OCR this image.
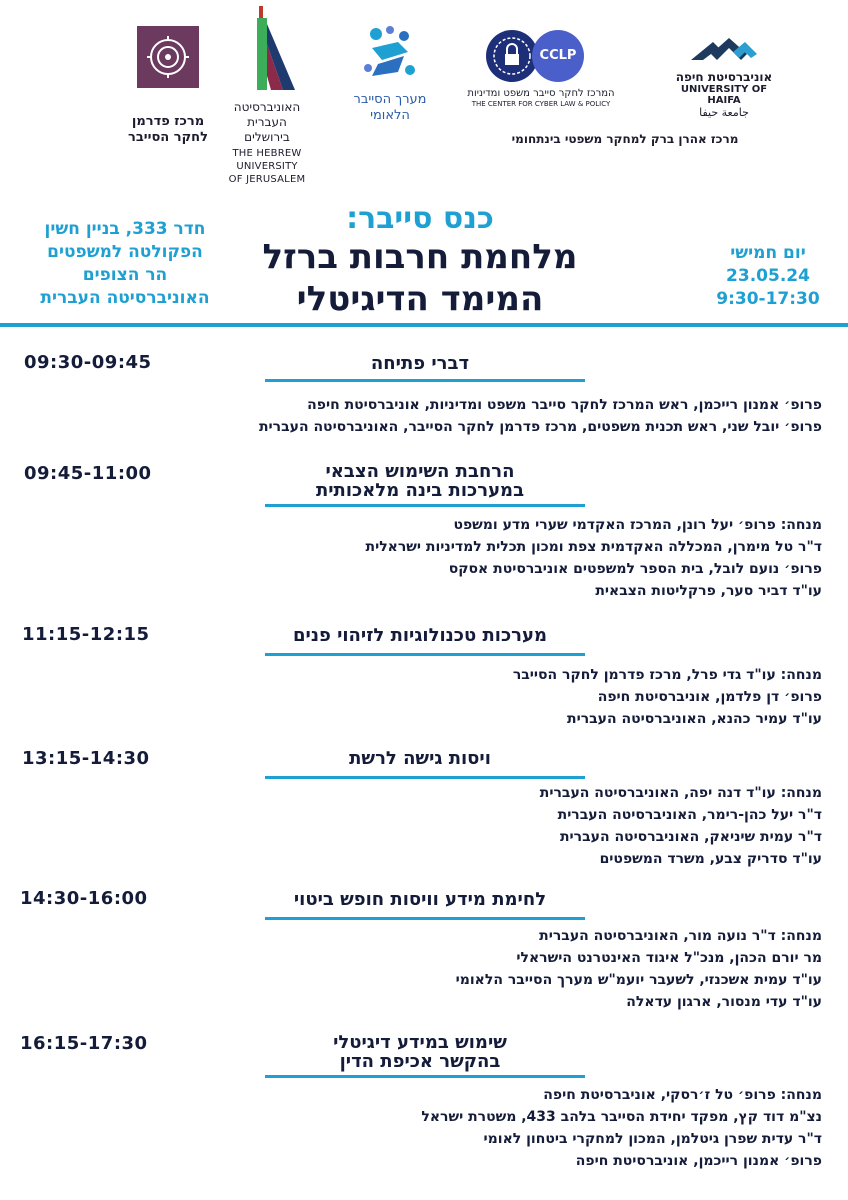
מרכז פדרמן
לחקר הסייבר
האוניברסיטה
העברית
בירושלים
THE HEBREW
UNIVERSITY
OF JERUSALEM
מערך הסייבר
הלאומי
CCLP
המרכז לחקר סייבר משפט ומדיניות
THE CENTER FOR CYBER LAW & POLICY
אוניברסיטת חיפה
UNIVERSITY OF HAIFA
جامعة حيفا
מרכז אהרן ברק למחקר משפטי בינתחומי
יום חמישי
23.05.24
9:30-17:30
כנס סייבר:
מלחמת חרבות ברזל
המימד הדיגיטלי
חדר 333, בניין חשין
הפקולטה למשפטים
הר הצופים
האוניברסיטה העברית
09:30-09:45	דברי פתיחה
פרופ׳ אמנון רייכמן, ראש המרכז לחקר סייבר משפט ומדיניות, אוניברסיטת חיפה
פרופ׳ יובל שני, ראש תכנית משפטים, מרכז פדרמן לחקר הסייבר, האוניברסיטה העברית
09:45-11:00	הרחבת השימוש הצבאי
במערכות בינה מלאכותית
מנחה: פרופ׳ יעל רונן, המרכז האקדמי שערי מדע ומשפט
ד"ר טל מימרן, המכללה האקדמית צפת ומכון תכלית למדיניות ישראלית
פרופ׳ נועם לובל, בית הספר למשפטים אוניברסיטת אסקס
עו"ד דביר סער, פרקליטות הצבאית
11:15-12:15	מערכות טכנולוגיות לזיהוי פנים
מנחה: עו"ד גדי פרל, מרכז פדרמן לחקר הסייבר
פרופ׳ דן פלדמן, אוניברסיטת חיפה
עו"ד עמיר כהנא, האוניברסיטה העברית
13:15-14:30	ויסות גישה לרשת
מנחה: עו"ד דנה יפה, האוניברסיטה העברית
ד"ר יעל כהן-רימר, האוניברסיטה העברית
ד"ר עמית שיניאק, האוניברסיטה העברית
עו"ד סדריק צבע, משרד המשפטים
14:30-16:00	לחימת מידע וויסות חופש ביטוי
מנחה: ד"ר נועה מור, האוניברסיטה העברית
מר יורם הכהן, מנכ"ל איגוד האינטרנט הישראלי
עו"ד עמית אשכנזי, לשעבר יועמ"ש מערך הסייבר הלאומי
עו"ד עדי מנסור, ארגון עדאלה
16:15-17:30	שימוש במידע דיגיטלי
בהקשר אכיפת הדין
מנחה: פרופ׳ טל ז׳רסקי, אוניברסיטת חיפה
נצ"מ דוד קץ, מפקד יחידת הסייבר בלהב 433, משטרת ישראל
ד"ר עדית שפרן גיטלמן, המכון למחקרי ביטחון לאומי
פרופ׳ אמנון רייכמן, אוניברסיטת חיפה
